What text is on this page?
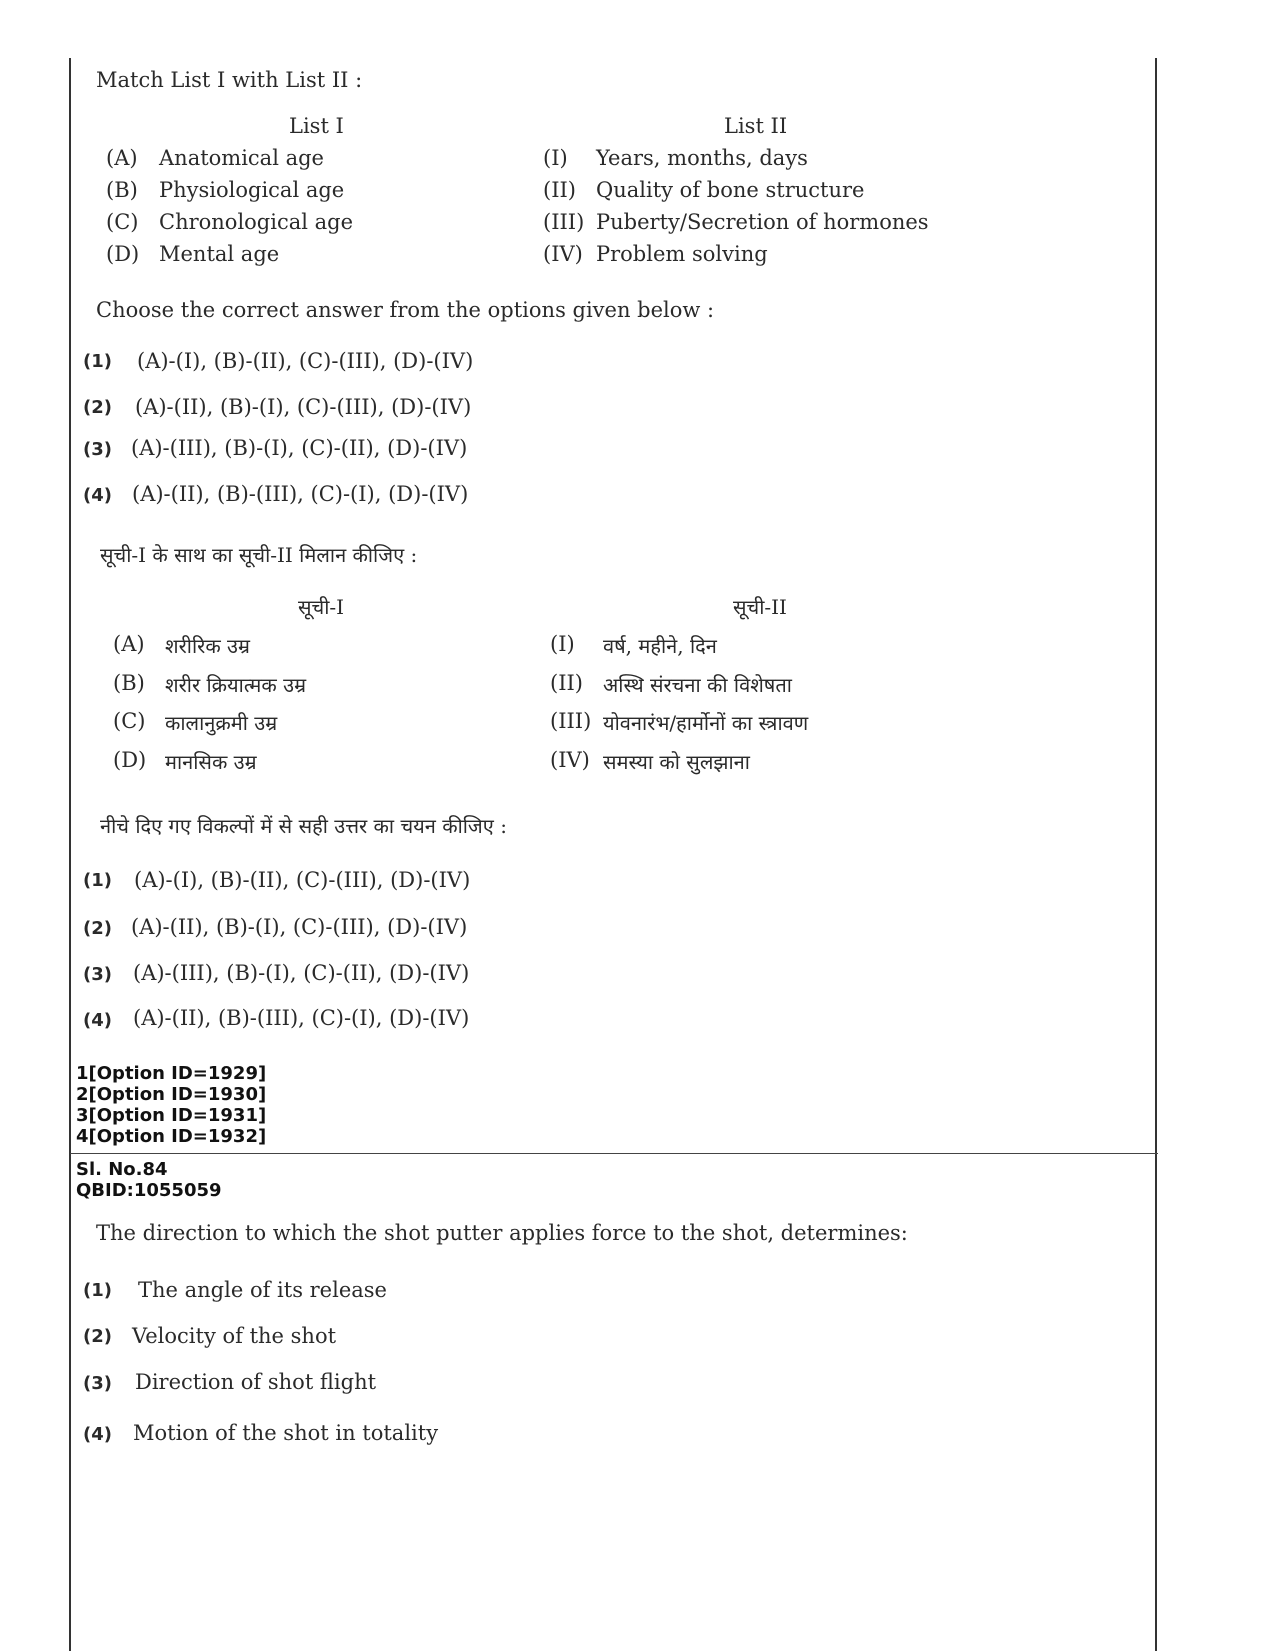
Match List I with List II :
List I	List II
(A) Anatomical age	(I) Years, months, days
(B) Physiological age	(II) Quality of bone structure
(C) Chronological age	(III) Puberty/Secretion of hormones
(D) Mental age	(IV) Problem solving
Choose the correct answer from the options given below :
(1) (A)-(I), (B)-(II), (C)-(III), (D)-(IV)
(2) (A)-(II), (B)-(I), (C)-(III), (D)-(IV)
(3) (A)-(III), (B)-(I), (C)-(II), (D)-(IV)
(4) (A)-(II), (B)-(III), (C)-(I), (D)-(IV)
सूची-I के साथ का सूची-II मिलान कीजिए :
सूची-I	सूची-II
(A) शरीरिक उम्र	(I) वर्ष, महीने, दिन
(B) शरीर क्रियात्मक उम्र	(II) अस्थि संरचना की विशेषता
(C) कालानुक्रमी उम्र	(III) योवनारंभ/हार्मोनों का स्त्रावण
(D) मानसिक उम्र	(IV) समस्या को सुलझाना
नीचे दिए गए विकल्पों में से सही उत्तर का चयन कीजिए :
(1) (A)-(I), (B)-(II), (C)-(III), (D)-(IV)
(2) (A)-(II), (B)-(I), (C)-(III), (D)-(IV)
(3) (A)-(III), (B)-(I), (C)-(II), (D)-(IV)
(4) (A)-(II), (B)-(III), (C)-(I), (D)-(IV)
1[Option ID=1929]
2[Option ID=1930]
3[Option ID=1931]
4[Option ID=1932]
Sl. No.84
QBID:1055059
The direction to which the shot putter applies force to the shot, determines:
(1) The angle of its release
(2) Velocity of the shot
(3) Direction of shot flight
(4) Motion of the shot in totality
